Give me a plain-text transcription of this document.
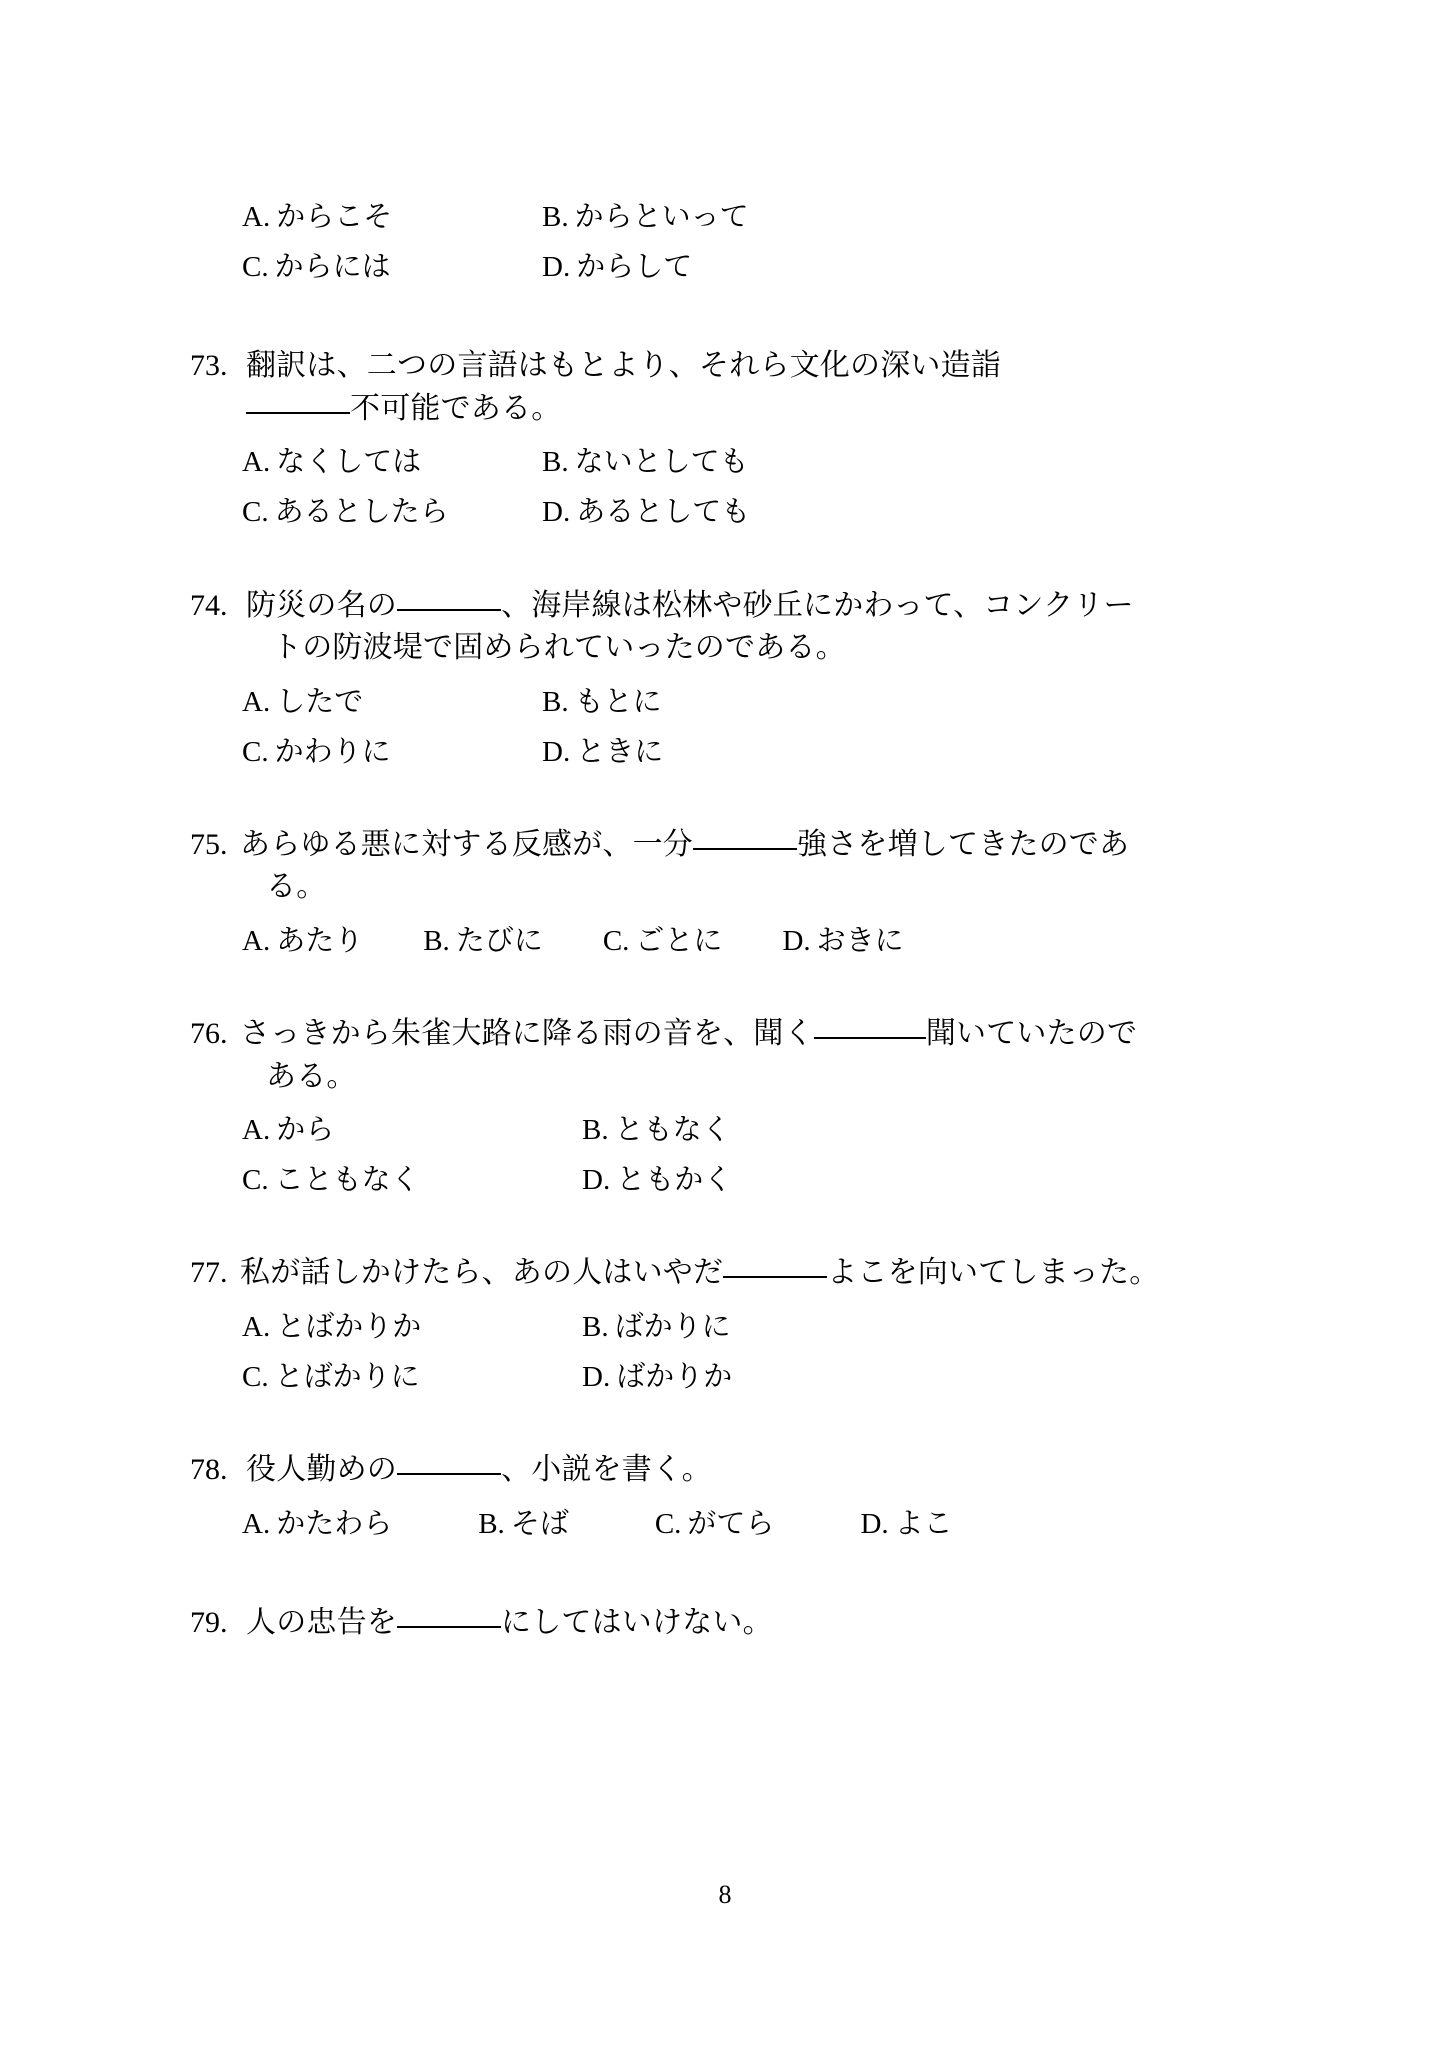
A. からこそ	B. からといって
C. からには	D. からして
73. 翻訳は、二つの言語はもとより、それら文化の深い造詣
不可能である。
A. なくしては	B. ないとしても
C. あるとしたら	D. あるとしても
74. 防災の名の	、海岸線は松林や砂丘にかわって、コンクリー
トの防波堤で固められていったのである。
A. したで	B. もとに
C. かわりに	D. ときに
75. あらゆる悪に対する反感が、一分	強さを増してきたのであ
る。
A. あたり B. たびに C. ごとに D. おきに
76. さっきから朱雀大路に降る雨の音を、聞く	聞いていたので
ある。
A. から	B. ともなく
C. こともなく	D. ともかく
77. 私が話しかけたら、あの人はいやだ	よこを向いてしまった。
A. とばかりか	B. ばかりに
C. とばかりに	D. ばかりか
78. 役人勤めの	、小説を書く。
A. かたわら	B. そば	C. がてら	D. よこ
79. 人の忠告を	にしてはいけない。
8
